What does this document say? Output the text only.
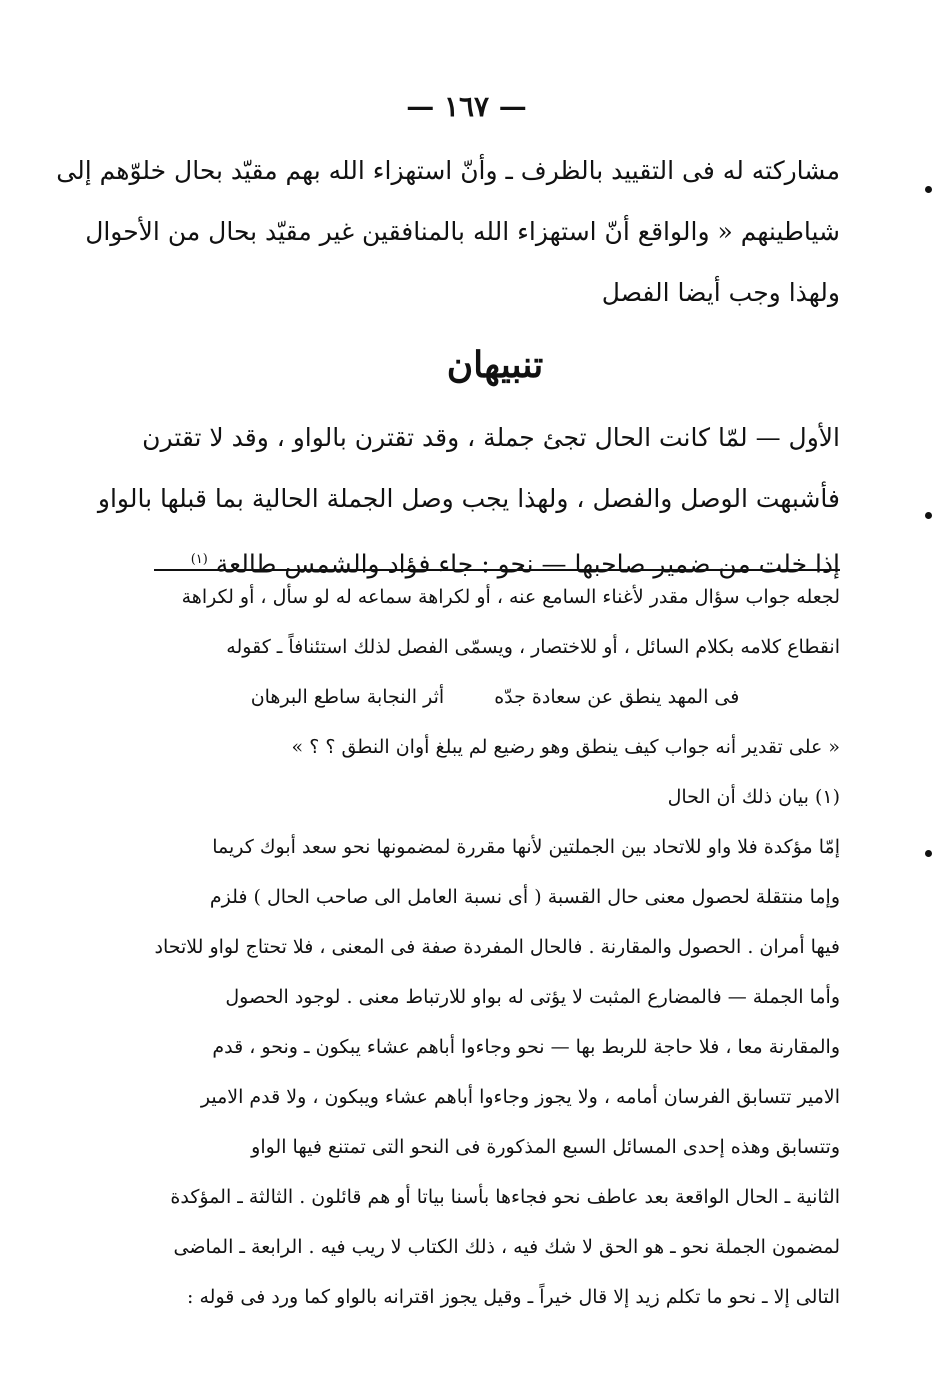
— ١٦٧ —
مشاركته له فى التقييد بالظرف ـ وأنّ استهزاء الله بهم مقيّد بحال خلوّهم إلى
شياطينهم « والواقع أنّ استهزاء الله بالمنافقين غير مقيّد بحال من الأحوال
ولهذا وجب أيضا الفصل
تنبيهان
الأول — لمّا كانت الحال تجئ جملة ، وقد تقترن بالواو ، وقد لا تقترن
فأشبهت الوصل والفصل ، ولهذا يجب وصل الجملة الحالية بما قبلها بالواو
إذا خلت من ضمير صاحبها — نحو : جاء فؤاد والشمس طالعة $^{(١)}$
لجعله جواب سؤال مقدر لأغناء السامع عنه ، أو لكراهة سماعه له لو سأل ، أو لكراهة
انقطاع كلامه بكلام السائل ، أو للاختصار ، ويسمّى الفصل لذلك استئنافاً ـ كقوله
فى المهد ينطق عن سعادة جدّه
أثر النجابة ساطع البرهان
« على تقدير أنه جواب كيف ينطق وهو رضيع لم يبلغ أوان النطق ؟ ؟ »
(١) بيان ذلك أن الحال
إمّا مؤكدة فلا واو للاتحاد بين الجملتين لأنها مقررة لمضمونها نحو سعد أبوك كريما
وإما منتقلة لحصول معنى حال القسبة ( أى نسبة العامل الى صاحب الحال ) فلزم
فيها أمران . الحصول والمقارنة . فالحال المفردة صفة فى المعنى ، فلا تحتاج لواو للاتحاد
وأما الجملة — فالمضارع المثبت لا يؤتى له بواو للارتباط معنى . لوجود الحصول
والمقارنة معا ، فلا حاجة للربط بها — نحو وجاءوا أباهم عشاء يبكون ـ ونحو ، قدم
الامير تتسابق الفرسان أمامه ، ولا يجوز وجاءوا أباهم عشاء ويبكون ، ولا قدم الامير
وتتسابق وهذه إحدى المسائل السبع المذكورة فى النحو التى تمتنع فيها الواو
الثانية ـ الحال الواقعة بعد عاطف نحو فجاءها بأسنا بياتا أو هم قائلون . الثالثة ـ المؤكدة
لمضمون الجملة نحو ـ هو الحق لا شك فيه ، ذلك الكتاب لا ريب فيه . الرابعة ـ الماضى
التالى إلا ـ نحو ما تكلم زيد إلا قال خيراً ـ وقيل يجوز اقترانه بالواو كما ورد فى قوله :
